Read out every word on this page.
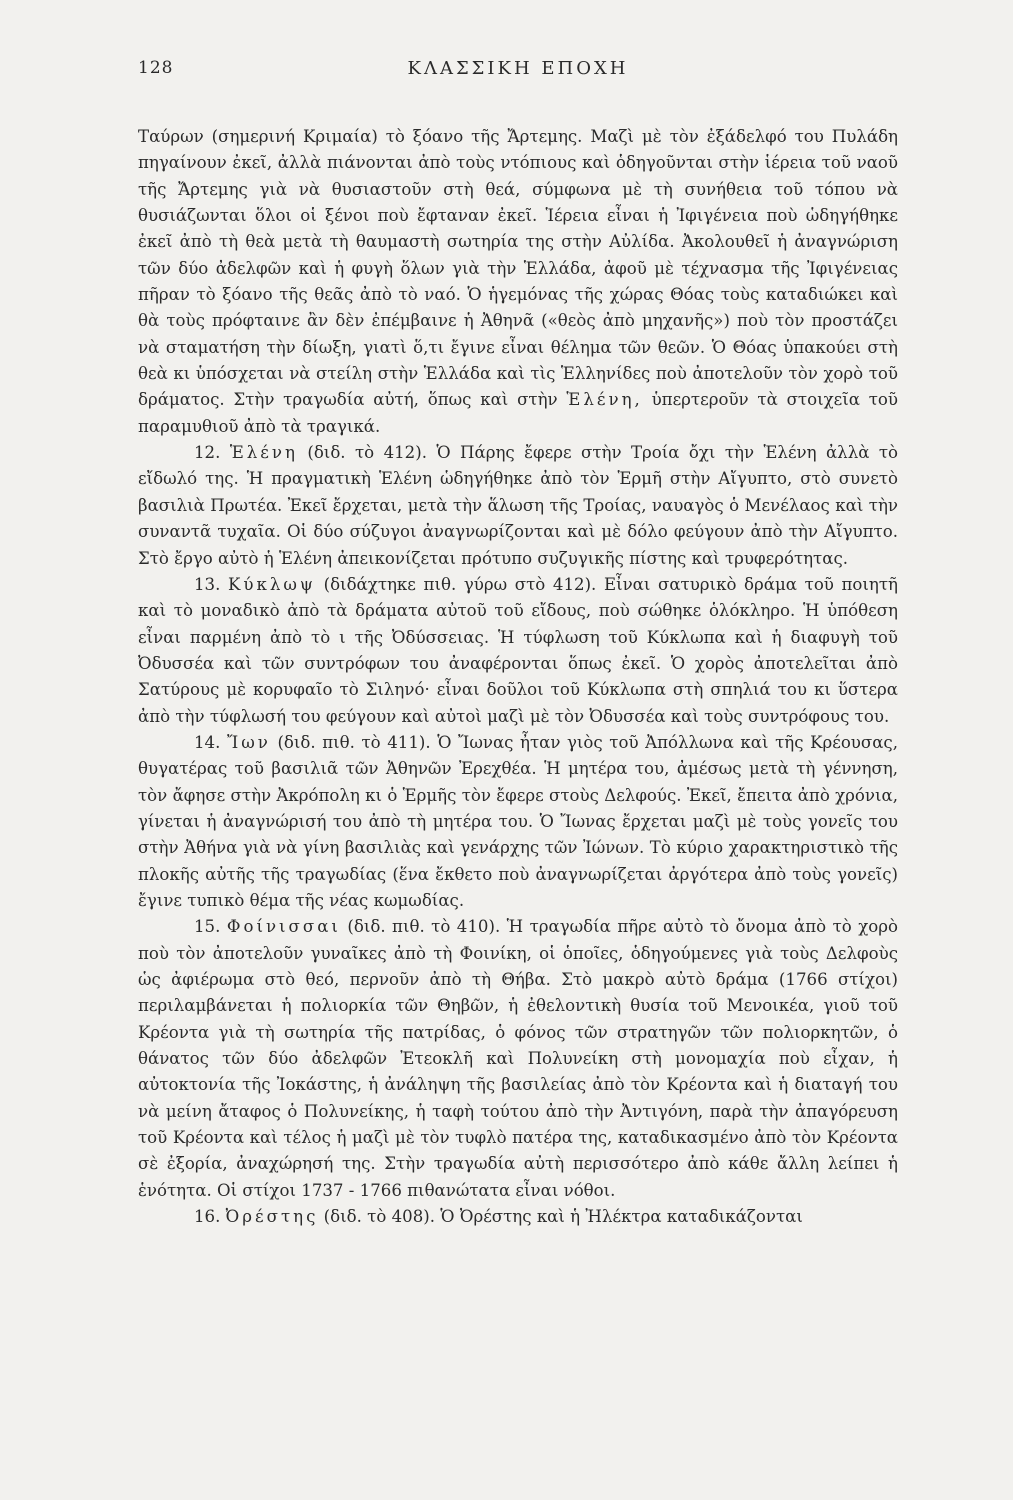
128	ΚΛΑΣΣΙΚΗ ΕΠΟΧΗ

Ταύρων (σημερινή Κριμαία) τὸ ξόανο τῆς Ἄρτεμης. Μαζὶ μὲ τὸν ἐξάδελφό του Πυλάδη πηγαίνουν ἐκεῖ, ἀλλὰ πιάνονται ἀπὸ τοὺς ντόπιους καὶ ὁδηγοῦνται στὴν ἱέρεια τοῦ ναοῦ τῆς Ἄρτεμης γιὰ νὰ θυσιαστοῦν στὴ θεά, σύμφωνα μὲ τὴ συνήθεια τοῦ τόπου νὰ θυσιάζωνται ὅλοι οἱ ξένοι ποὺ ἔφταναν ἐκεῖ. Ἱέρεια εἶναι ἡ Ἰφιγένεια ποὺ ὡδηγήθηκε ἐκεῖ ἀπὸ τὴ θεὰ μετὰ τὴ θαυμαστὴ σωτηρία της στὴν Αὐλίδα. Ἀκολουθεῖ ἡ ἀναγνώριση τῶν δύο ἀδελφῶν καὶ ἡ φυγὴ ὅλων γιὰ τὴν Ἑλλάδα, ἀφοῦ μὲ τέχνασμα τῆς Ἰφιγένειας πῆραν τὸ ξόανο τῆς θεᾶς ἀπὸ τὸ ναό. Ὁ ἡγεμόνας τῆς χώρας Θόας τοὺς καταδιώκει καὶ θὰ τοὺς πρόφταινε ἂν δὲν ἐπέμβαινε ἡ Ἀθηνᾶ («θεὸς ἀπὸ μηχανῆς») ποὺ τὸν προστάζει νὰ σταματήση τὴν δίωξη, γιατὶ ὅ,τι ἔγινε εἶναι θέλημα τῶν θεῶν. Ὁ Θόας ὑπακούει στὴ θεὰ κι ὑπόσχεται νὰ στείλη στὴν Ἑλλάδα καὶ τὶς Ἑλληνίδες ποὺ ἀποτελοῦν τὸν χορὸ τοῦ δράματος. Στὴν τραγωδία αὐτή, ὅπως καὶ στὴν Ἑλένη, ὑπερτεροῦν τὰ στοιχεῖα τοῦ παραμυθιοῦ ἀπὸ τὰ τραγικά.

12. Ἑλένη (διδ. τὸ 412). Ὁ Πάρης ἔφερε στὴν Τροία ὄχι τὴν Ἑλένη ἀλλὰ τὸ εἴδωλό της. Ἡ πραγματικὴ Ἑλένη ὡδηγήθηκε ἀπὸ τὸν Ἑρμῆ στὴν Αἴγυπτο, στὸ συνετὸ βασιλιὰ Πρωτέα. Ἐκεῖ ἔρχεται, μετὰ τὴν ἅλωση τῆς Τροίας, ναυαγὸς ὁ Μενέλαος καὶ τὴν συναντᾶ τυχαῖα. Οἱ δύο σύζυγοι ἀναγνωρίζονται καὶ μὲ δόλο φεύγουν ἀπὸ τὴν Αἴγυπτο. Στὸ ἔργο αὐτὸ ἡ Ἑλένη ἀπεικονίζεται πρότυπο συζυγικῆς πίστης καὶ τρυφερότητας.

13. Κύκλωψ (διδάχτηκε πιθ. γύρω στὸ 412). Εἶναι σατυρικὸ δράμα τοῦ ποιητῆ καὶ τὸ μοναδικὸ ἀπὸ τὰ δράματα αὐτοῦ τοῦ εἴδους, ποὺ σώθηκε ὁλόκληρο. Ἡ ὑπόθεση εἶναι παρμένη ἀπὸ τὸ ι τῆς Ὀδύσσειας. Ἡ τύφλωση τοῦ Κύκλωπα καὶ ἡ διαφυγὴ τοῦ Ὀδυσσέα καὶ τῶν συντρόφων του ἀναφέρονται ὅπως ἐκεῖ. Ὁ χορὸς ἀποτελεῖται ἀπὸ Σατύρους μὲ κορυφαῖο τὸ Σιληνό· εἶναι δοῦλοι τοῦ Κύκλωπα στὴ σπηλιά του κι ὕστερα ἀπὸ τὴν τύφλωσή του φεύγουν καὶ αὐτοὶ μαζὶ μὲ τὸν Ὀδυσσέα καὶ τοὺς συντρόφους του.

14. Ἴων (διδ. πιθ. τὸ 411). Ὁ Ἴωνας ἦταν γιὸς τοῦ Ἀπόλλωνα καὶ τῆς Κρέουσας, θυγατέρας τοῦ βασιλιᾶ τῶν Ἀθηνῶν Ἐρεχθέα. Ἡ μητέρα του, ἀμέσως μετὰ τὴ γέννηση, τὸν ἄφησε στὴν Ἀκρόπολη κι ὁ Ἑρμῆς τὸν ἔφερε στοὺς Δελφούς. Ἐκεῖ, ἔπειτα ἀπὸ χρόνια, γίνεται ἡ ἀναγνώρισή του ἀπὸ τὴ μητέρα του. Ὁ Ἴωνας ἔρχεται μαζὶ μὲ τοὺς γονεῖς του στὴν Ἀθήνα γιὰ νὰ γίνη βασιλιὰς καὶ γενάρχης τῶν Ἰώνων. Τὸ κύριο χαρακτηριστικὸ τῆς πλοκῆς αὐτῆς τῆς τραγωδίας (ἕνα ἔκθετο ποὺ ἀναγνωρίζεται ἀργότερα ἀπὸ τοὺς γονεῖς) ἔγινε τυπικὸ θέμα τῆς νέας κωμωδίας.

15. Φοίνισσαι (διδ. πιθ. τὸ 410). Ἡ τραγωδία πῆρε αὐτὸ τὸ ὄνομα ἀπὸ τὸ χορὸ ποὺ τὸν ἀποτελοῦν γυναῖκες ἀπὸ τὴ Φοινίκη, οἱ ὁποῖες, ὁδηγούμενες γιὰ τοὺς Δελφοὺς ὡς ἀφιέρωμα στὸ θεό, περνοῦν ἀπὸ τὴ Θήβα. Στὸ μακρὸ αὐτὸ δράμα (1766 στίχοι) περιλαμβάνεται ἡ πολιορκία τῶν Θηβῶν, ἡ ἐθελοντικὴ θυσία τοῦ Μενοικέα, γιοῦ τοῦ Κρέοντα γιὰ τὴ σωτηρία τῆς πατρίδας, ὁ φόνος τῶν στρατηγῶν τῶν πολιορκητῶν, ὁ θάνατος τῶν δύο ἀδελφῶν Ἐτεοκλῆ καὶ Πολυνείκη στὴ μονομαχία ποὺ εἶχαν, ἡ αὐτοκτονία τῆς Ἰοκάστης, ἡ ἀνάληψη τῆς βασιλείας ἀπὸ τὸν Κρέοντα καὶ ἡ διαταγή του νὰ μείνη ἄταφος ὁ Πολυνείκης, ἡ ταφὴ τούτου ἀπὸ τὴν Ἀντιγόνη, παρὰ τὴν ἀπαγόρευση τοῦ Κρέοντα καὶ τέλος ἡ μαζὶ μὲ τὸν τυφλὸ πατέρα της, καταδικασμένο ἀπὸ τὸν Κρέοντα σὲ ἐξορία, ἀναχώρησή της. Στὴν τραγωδία αὐτὴ περισσότερο ἀπὸ κάθε ἄλλη λείπει ἡ ἑνότητα. Οἱ στίχοι 1737 - 1766 πιθανώτατα εἶναι νόθοι.

16. Ὀρέστης (διδ. τὸ 408). Ὁ Ὀρέστης καὶ ἡ Ἠλέκτρα καταδικάζονται
